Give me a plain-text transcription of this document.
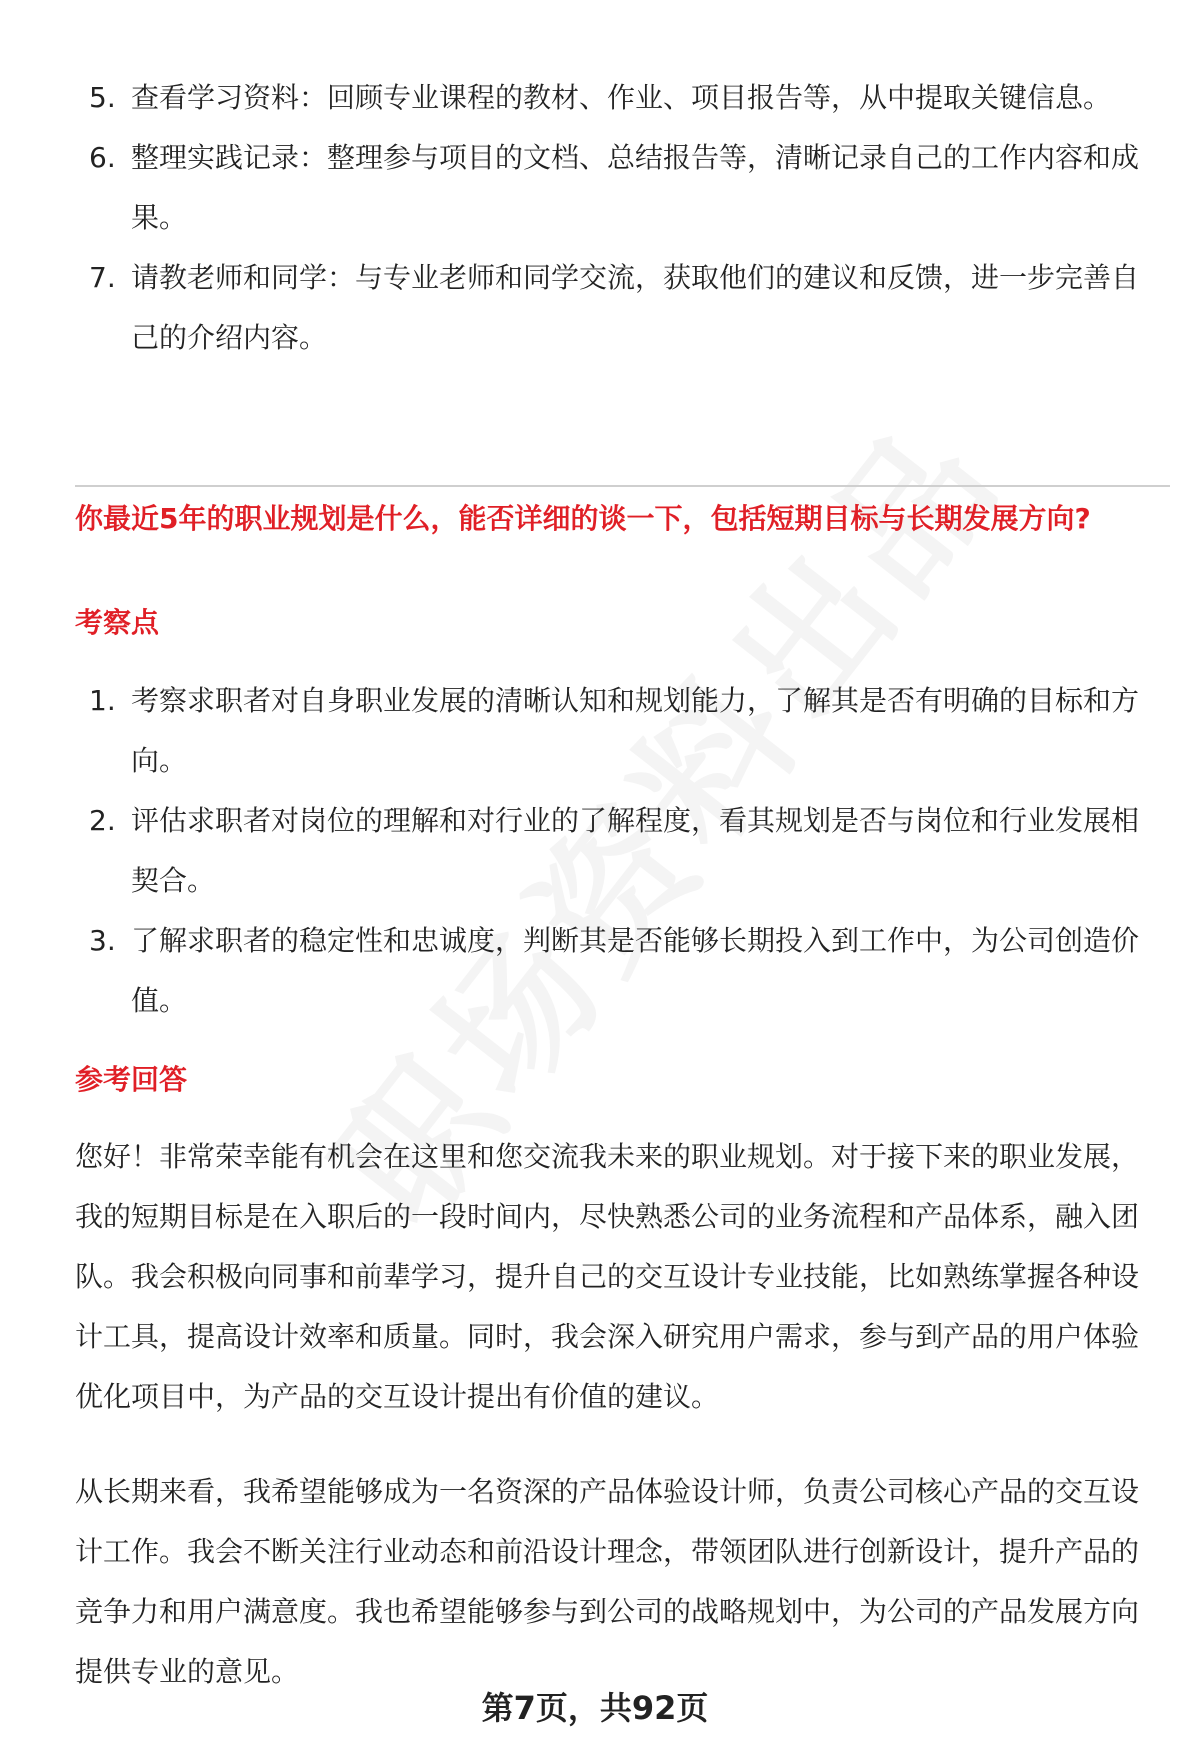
5. 查看学习资料：回顾专业课程的教材、作业、项目报告等，从中提取关键信息。
6. 整理实践记录：整理参与项目的文档、总结报告等，清晰记录自己的工作内容和成果。
7. 请教老师和同学：与专业老师和同学交流，获取他们的建议和反馈，进一步完善自己的介绍内容。
你最近5年的职业规划是什么，能否详细的谈一下，包括短期目标与长期发展方向?
考察点
1. 考察求职者对自身职业发展的清晰认知和规划能力，了解其是否有明确的目标和方向。
2. 评估求职者对岗位的理解和对行业的了解程度，看其规划是否与岗位和行业发展相契合。
3. 了解求职者的稳定性和忠诚度，判断其是否能够长期投入到工作中，为公司创造价值。
参考回答

您好！非常荣幸能有机会在这里和您交流我未来的职业规划。对于接下来的职业发展，我的短期目标是在入职后的一段时间内，尽快熟悉公司的业务流程和产品体系，融入团队。我会积极向同事和前辈学习，提升自己的交互设计专业技能，比如熟练掌握各种设计工具，提高设计效率和质量。同时，我会深入研究用户需求，参与到产品的用户体验优化项目中，为产品的交互设计提出有价值的建议。

从长期来看，我希望能够成为一名资深的产品体验设计师，负责公司核心产品的交互设计工作。我会不断关注行业动态和前沿设计理念，带领团队进行创新设计，提升产品的竞争力和用户满意度。我也希望能够参与到公司的战略规划中，为公司的产品发展方向提供专业的意见。

第7页，共92页
